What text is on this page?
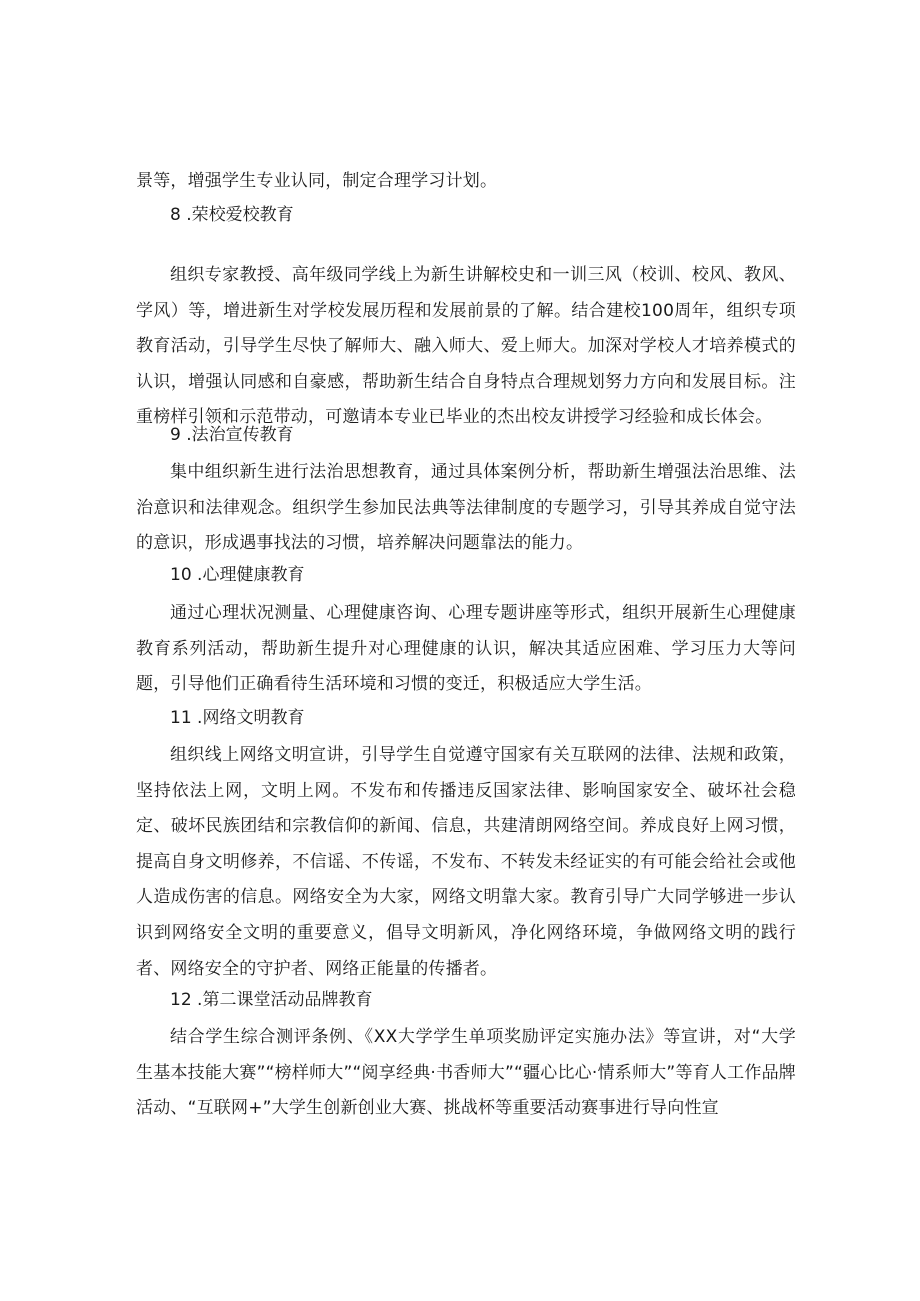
景等，增强学生专业认同，制定合理学习计划。
8 .荣校爱校教育
组织专家教授、高年级同学线上为新生讲解校史和一训三风（校训、校风、教风、学风）等，增进新生对学校发展历程和发展前景的了解。结合建校100周年，组织专项教育活动，引导学生尽快了解师大、融入师大、爱上师大。加深对学校人才培养模式的认识，增强认同感和自豪感，帮助新生结合自身特点合理规划努力方向和发展目标。注重榜样引领和示范带动，可邀请本专业已毕业的杰出校友讲授学习经验和成长体会。
9 .法治宣传教育
集中组织新生进行法治思想教育，通过具体案例分析，帮助新生增强法治思维、法治意识和法律观念。组织学生参加民法典等法律制度的专题学习，引导其养成自觉守法的意识，形成遇事找法的习惯，培养解决问题靠法的能力。
10 .心理健康教育
通过心理状况测量、心理健康咨询、心理专题讲座等形式，组织开展新生心理健康教育系列活动，帮助新生提升对心理健康的认识，解决其适应困难、学习压力大等问题，引导他们正确看待生活环境和习惯的变迁，积极适应大学生活。
11 .网络文明教育
组织线上网络文明宣讲，引导学生自觉遵守国家有关互联网的法律、法规和政策，坚持依法上网，文明上网。不发布和传播违反国家法律、影响国家安全、破坏社会稳定、破坏民族团结和宗教信仰的新闻、信息，共建清朗网络空间。养成良好上网习惯，提高自身文明修养，不信谣、不传谣，不发布、不转发未经证实的有可能会给社会或他人造成伤害的信息。网络安全为大家，网络文明靠大家。教育引导广大同学够进一步认识到网络安全文明的重要意义，倡导文明新风，净化网络环境，争做网络文明的践行者、网络安全的守护者、网络正能量的传播者。
12 .第二课堂活动品牌教育
结合学生综合测评条例、《XX大学学生单项奖励评定实施办法》等宣讲，对“大学生基本技能大赛”“榜样师大”“阅享经典·书香师大”“疆心比心·情系师大”等育人工作品牌活动、“互联网+”大学生创新创业大赛、挑战杯等重要活动赛事进行导向性宣
